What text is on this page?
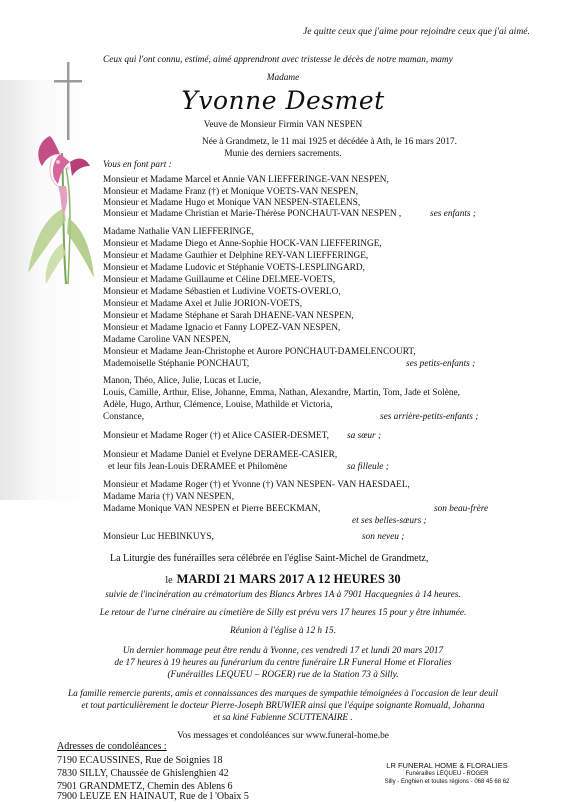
Je quitte ceux que j'aime pour rejoindre ceux que j'ai aimé.
Ceux qui l'ont connu, estimé, aimé apprendront avec tristesse le décès de notre maman, mamy
Madame
Yvonne Desmet
Veuve de Monsieur Firmin VAN NESPEN
Née à Grandmetz, le 11 mai 1925 et décédée à Ath, le 16 mars 2017.
Munie des derniers sacrements.
Vous en font part :
Monsieur et Madame Marcel et Annie VAN LIEFFERINGE-VAN NESPEN,
Monsieur et Madame Franz (†) et Monique VOETS-VAN NESPEN,
Monsieur et Madame Hugo et Monique VAN NESPEN-STAELENS,
Monsieur et Madame Christian et Marie-Thérèse PONCHAUT-VAN NESPEN ,	ses enfants ;
Madame Nathalie VAN LIEFFERINGE,
Monsieur et Madame Diego et Anne-Sophie HOCK-VAN LIEFFERINGE,
Monsieur et Madame Gauthier et Delphine REY-VAN LIEFFERINGE,
Monsieur et Madame Ludovic et Stéphanie VOETS-LESPLINGARD,
Monsieur et Madame Guillaume et Céline DELMEE-VOETS,
Monsieur et Madame Sébastien et Ludivine VOETS-OVERLO,
Monsieur et Madame Axel et Julie JORION-VOETS,
Monsieur et Madame Stéphane et Sarah DHAENE-VAN NESPEN,
Monsieur et Madame Ignacio et Fanny LOPEZ-VAN NESPEN,
Madame Caroline VAN NESPEN,
Monsieur et Madame Jean-Christophe et Aurore PONCHAUT-DAMELENCOURT,
Mademoiselle Stéphanie PONCHAUT,	ses petits-enfants ;
Manon, Théo, Alice, Julie, Lucas et Lucie,
Louis, Camille, Arthur, Elise, Johanne, Emma, Nathan, Alexandre, Martin, Tom, Jade et Solène,
Adèle, Hugo, Arthur, Clémence, Louise, Mathilde et Victoria,
Constance,	ses arrière-petits-enfants ;
Monsieur et Madame Roger (†) et Alice CASIER-DESMET, sa sœur ;
Monsieur et Madame Daniel et Evelyne DERAMEE-CASIER,
et leur fils Jean-Louis DERAMEE et Philomène	sa filleule ;
Monsieur et Madame Roger (†) et Yvonne (†) VAN NESPEN- VAN HAESDAEL,
Madame Maria (†) VAN NESPEN,
Madame Monique VAN NESPEN et Pierre BEECKMAN,	son beau-frère
et ses belles-sœurs ;
Monsieur Luc HEBINKUYS,	son neveu ;
La Liturgie des funérailles sera célébrée en l'église Saint-Michel de Grandmetz,
le MARDI 21 MARS 2017 A 12 HEURES 30
suivie de l'incinération au crématorium des Blancs Arbres 1A à 7901 Hacquegnies à 14 heures.
Le retour de l'urne cinéraire au cimetière de Silly est prévu vers 17 heures 15 pour y être inhumée.
Réunion à l'église à 12 h 15.
Un dernier hommage peut être rendu à Yvonne, ces vendredi 17 et lundi 20 mars 2017
de 17 heures à 19 heures au funérarium du centre funéraire LR Funeral Home et Floralies
(Funérailles LEQUEU – ROGER) rue de la Station 73 à Silly.
La famille remercie parents, amis et connaissances des marques de sympathie témoignées à l'occasion de leur deuil
et tout particulièrement le docteur Pierre-Joseph BRUWIER ainsi que l'équipe soignante Romuald, Johanna
et sa kiné Fabienne SCUTTENAIRE .
Vos messages et condoléances sur www.funeral-home.be
Adresses de condoléances :
7190 ECAUSSINES, Rue de Soignies 18
7830 SILLY, Chaussée de Ghislenghien 42
7901 GRANDMETZ, Chemin des Ablens 6
7900 LEUZE EN HAINAUT, Rue de l 'Obaix 5
LR FUNERAL HOME & FLORALIES
Funérailles LEQUEU - ROGER
Silly - Enghien et toutes régions - 068 45 68 62
